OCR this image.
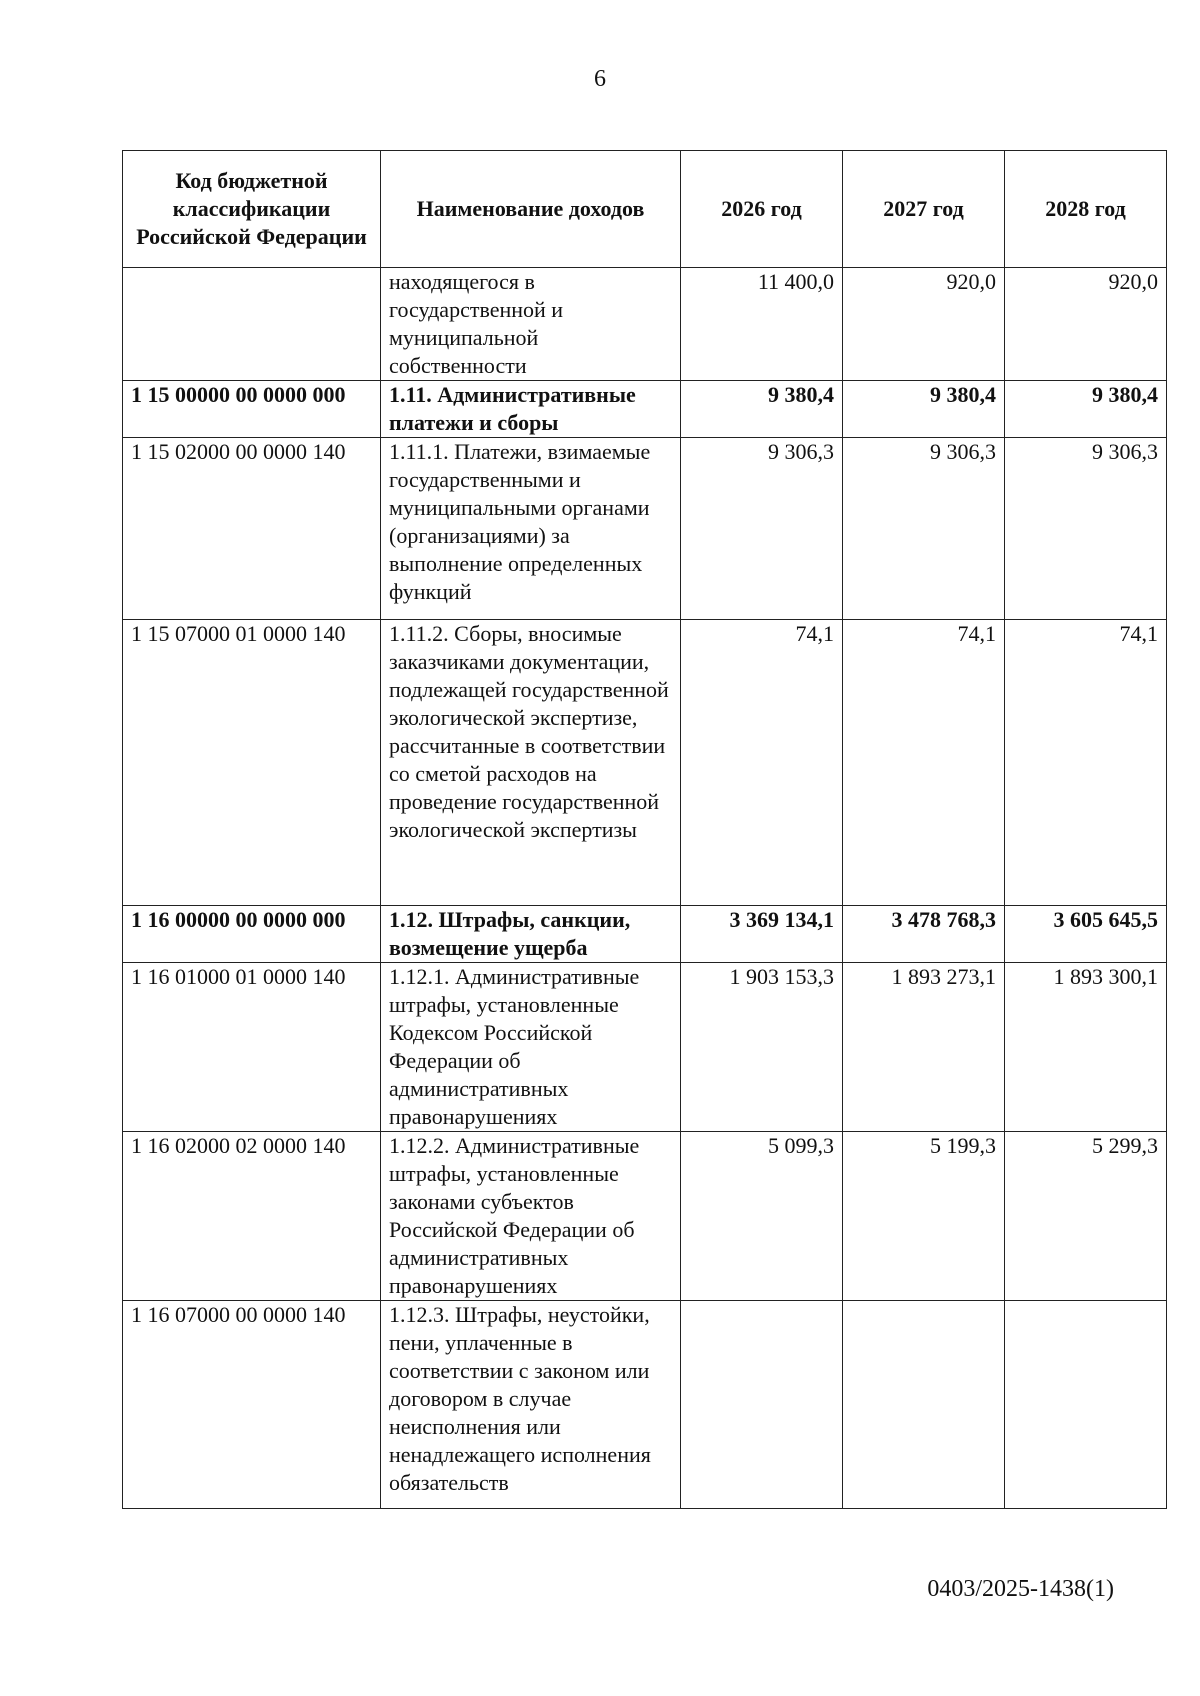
6
Код бюджетной классификации Российской Федерации	Наименование доходов	2026 год	2027 год	2028 год
	находящегося в государственной и муниципальной собственности	11 400,0	920,0	920,0
1 15 00000 00 0000 000	1.11. Административные платежи и сборы	9 380,4	9 380,4	9 380,4
1 15 02000 00 0000 140	1.11.1. Платежи, взимаемые государственными и муниципальными органами (организациями) за выполнение определенных функций	9 306,3	9 306,3	9 306,3
1 15 07000 01 0000 140	1.11.2. Сборы, вносимые заказчиками документации, подлежащей государственной экологической экспертизе, рассчитанные в соответствии со сметой расходов на проведение государственной экологической экспертизы	74,1	74,1	74,1
1 16 00000 00 0000 000	1.12. Штрафы, санкции, возмещение ущерба	3 369 134,1	3 478 768,3	3 605 645,5
1 16 01000 01 0000 140	1.12.1. Административные штрафы, установленные Кодексом Российской Федерации об административных правонарушениях	1 903 153,3	1 893 273,1	1 893 300,1
1 16 02000 02 0000 140	1.12.2. Административные штрафы, установленные законами субъектов Российской Федерации об административных правонарушениях	5 099,3	5 199,3	5 299,3
1 16 07000 00 0000 140	1.12.3. Штрафы, неустойки, пени, уплаченные в соответствии с законом или договором в случае неисполнения или ненадлежащего исполнения обязательств			
0403/2025-1438(1)
